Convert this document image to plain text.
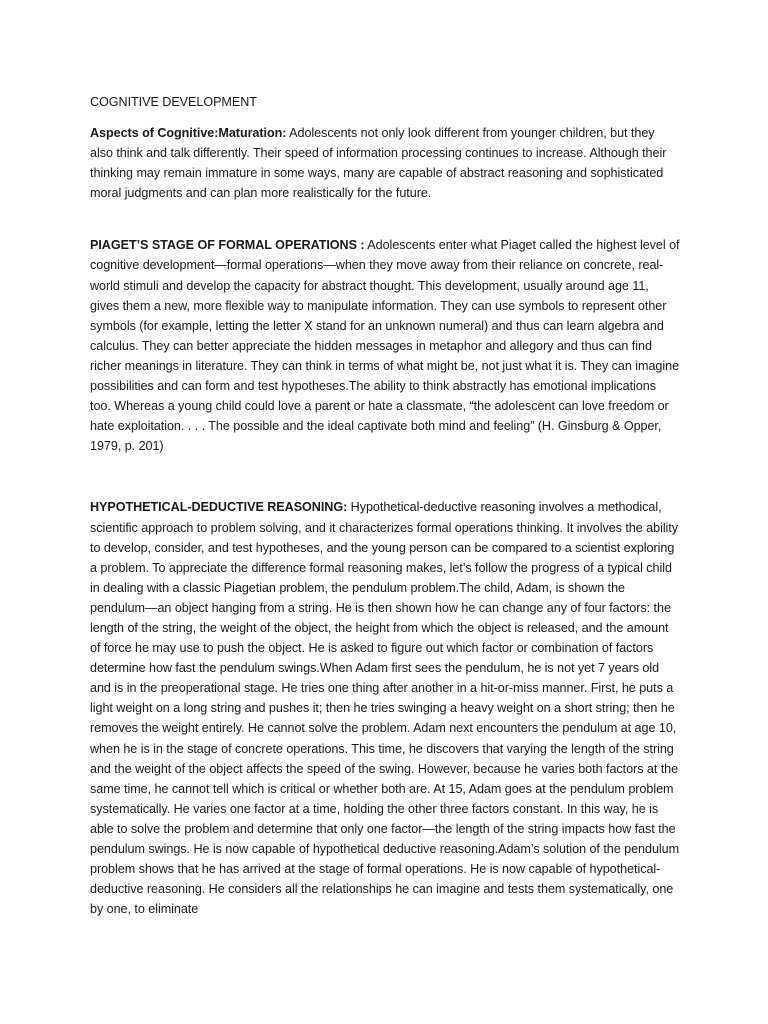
COGNITIVE DEVELOPMENT

Aspects of Cognitive:Maturation: Adolescents not only look different from younger children, but they also think and talk differently. Their speed of information processing continues to increase. Although their thinking may remain immature in some ways, many are capable of abstract reasoning and sophisticated moral judgments and can plan more realistically for the future.

PIAGET’S STAGE OF FORMAL OPERATIONS : Adolescents enter what Piaget called the highest level of cognitive development—formal operations—when they move away from their reliance on concrete, real-world stimuli and develop the capacity for abstract thought. This development, usually around age 11, gives them a new, more flexible way to manipulate information. They can use symbols to represent other symbols (for example, letting the letter X stand for an unknown numeral) and thus can learn algebra and calculus. They can better appreciate the hidden messages in metaphor and allegory and thus can find richer meanings in literature. They can think in terms of what might be, not just what it is. They can imagine possibilities and can form and test hypotheses.The ability to think abstractly has emotional implications too. Whereas a young child could love a parent or hate a classmate, “the adolescent can love freedom or hate exploitation. . . . The possible and the ideal captivate both mind and feeling” (H. Ginsburg & Opper, 1979, p. 201)

HYPOTHETICAL-DEDUCTIVE REASONING: Hypothetical-deductive reasoning involves a methodical, scientific approach to problem solving, and it characterizes formal operations thinking. It involves the ability to develop, consider, and test hypotheses, and the young person can be compared to a scientist exploring a problem. To appreciate the difference formal reasoning makes, let’s follow the progress of a typical child in dealing with a classic Piagetian problem, the pendulum problem.The child, Adam, is shown the pendulum—an object hanging from a string. He is then shown how he can change any of four factors: the length of the string, the weight of the object, the height from which the object is released, and the amount of force he may use to push the object. He is asked to figure out which factor or combination of factors determine how fast the pendulum swings.When Adam first sees the pendulum, he is not yet 7 years old and is in the preoperational stage. He tries one thing after another in a hit-or-miss manner. First, he puts a light weight on a long string and pushes it; then he tries swinging a heavy weight on a short string; then he removes the weight entirely. He cannot solve the problem. Adam next encounters the pendulum at age 10, when he is in the stage of concrete operations. This time, he discovers that varying the length of the string and the weight of the object affects the speed of the swing. However, because he varies both factors at the same time, he cannot tell which is critical or whether both are. At 15, Adam goes at the pendulum problem systematically. He varies one factor at a time, holding the other three factors constant. In this way, he is able to solve the problem and determine that only one factor—the length of the string impacts how fast the pendulum swings. He is now capable of hypothetical deductive reasoning.Adam’s solution of the pendulum problem shows that he has arrived at the stage of formal operations. He is now capable of hypothetical-deductive reasoning. He considers all the relationships he can imagine and tests them systematically, one by one, to eliminate
